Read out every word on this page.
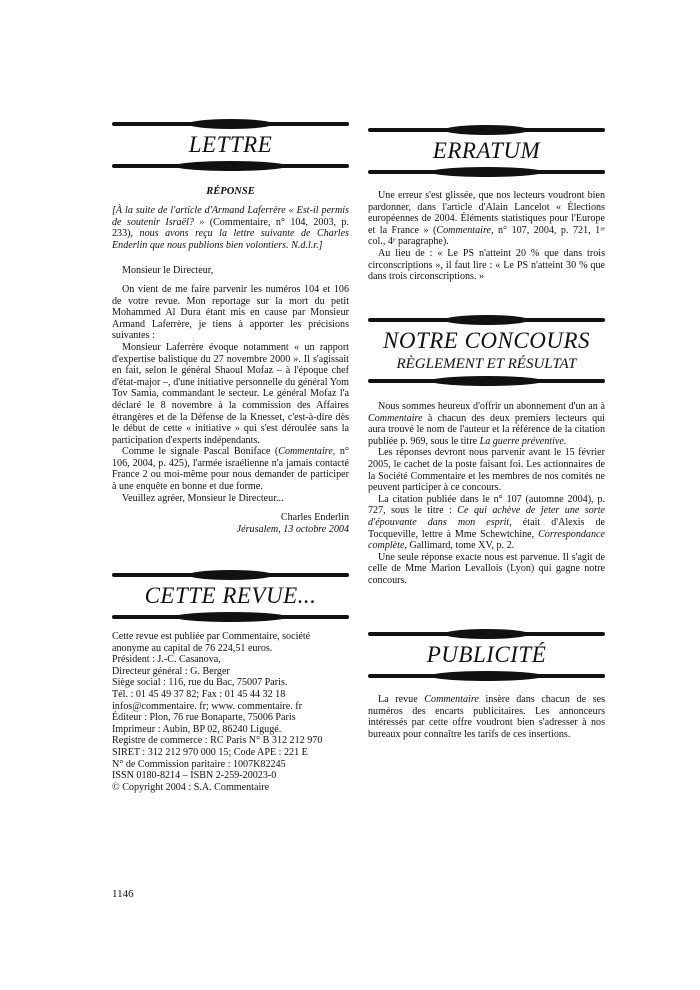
LETTRE
RÉPONSE

[À la suite de l'article d'Armand Laferrère « Est-il permis de soutenir Israël? » (Commentaire, n° 104, 2003, p. 233), nous avons reçu la lettre suivante de Charles Enderlin que nous publions bien volontiers. N.d.l.r.]

Monsieur le Directeur,

On vient de me faire parvenir les numéros 104 et 106 de votre revue. Mon reportage sur la mort du petit Mohammed Al Dura étant mis en cause par Monsieur Armand Laferrère, je tiens à apporter les précisions suivantes :

Monsieur Laferrère évoque notamment « un rapport d'expertise balistique du 27 novembre 2000 ». Il s'agissait en fait, selon le général Shaoul Mofaz – à l'époque chef d'état-major –, d'une initiative personnelle du général Yom Tov Samia, commandant le secteur. Le général Mofaz l'a déclaré le 8 novembre à la commission des Affaires étrangères et de la Défense de la Knesset, c'est-à-dire dès le début de cette « initiative » qui s'est déroulée sans la participation d'experts indépendants.

Comme le signale Pascal Boniface (Commentaire, n° 106, 2004, p. 425), l'armée israélienne n'a jamais contacté France 2 ou moi-même pour nous demander de participer à une enquête en bonne et due forme.

Veuillez agréer, Monsieur le Directeur...

Charles Enderlin

Jérusalem, 13 octobre 2004

CETTE REVUE...

Cette revue est publiée par Commentaire, société anonyme au capital de 76 224,51 euros.

Président : J.-C. Casanova,

Directeur général : G. Berger

Siège social : 116, rue du Bac, 75007 Paris.

Tél. : 01 45 49 37 82; Fax : 01 45 44 32 18

infos@commentaire. fr; www. commentaire. fr

Éditeur : Plon, 76 rue Bonaparte, 75006 Paris

Imprimeur : Aubin, BP 02, 86240 Ligugé.

Registre de commerce : RC Paris N° B 312 212 970

SIRET : 312 212 970 000 15; Code APE : 221 E

N° de Commission paritaire : 1007K82245

ISSN 0180-8214 – ISBN 2-259-20023-0

© Copyright 2004 : S.A. Commentaire

ERRATUM

Une erreur s'est glissée, que nos lecteurs voudront bien pardonner, dans l'article d'Alain Lancelot « Élections européennes de 2004. Éléments statistiques pour l'Europe et la France » (Commentaire, n° 107, 2004, p. 721, 1ʳᵉ col., 4ᵉ paragraphe).

Au lieu de : « Le PS n'atteint 20 % que dans trois circonscriptions », il faut lire : « Le PS n'atteint 30 % que dans trois circonscriptions. »

NOTRE CONCOURS
RÈGLEMENT ET RÉSULTAT

Nous sommes heureux d'offrir un abonnement d'un an à Commentaire à chacun des deux premiers lecteurs qui aura trouvé le nom de l'auteur et la référence de la citation publiée p. 969, sous le titre La guerre préventive.

Les réponses devront nous parvenir avant le 15 février 2005, le cachet de la poste faisant foi. Les actionnaires de la Société Commentaire et les membres de nos comités ne peuvent participer à ce concours.

La citation publiée dans le n° 107 (automne 2004), p. 727, sous le titre : Ce qui achève de jeter une sorte d'épouvante dans mon esprit, était d'Alexis de Tocqueville, lettre à Mme Schewtchine, Correspondance complète, Gallimard, tome XV, p. 2.

Une seule réponse exacte nous est parvenue. Il s'agit de celle de Mme Marion Levallois (Lyon) qui gagne notre concours.

PUBLICITÉ

La revue Commentaire insère dans chacun de ses numéros des encarts publicitaires. Les annonceurs intéressés par cette offre voudront bien s'adresser à nos bureaux pour connaître les tarifs de ces insertions.

1146
